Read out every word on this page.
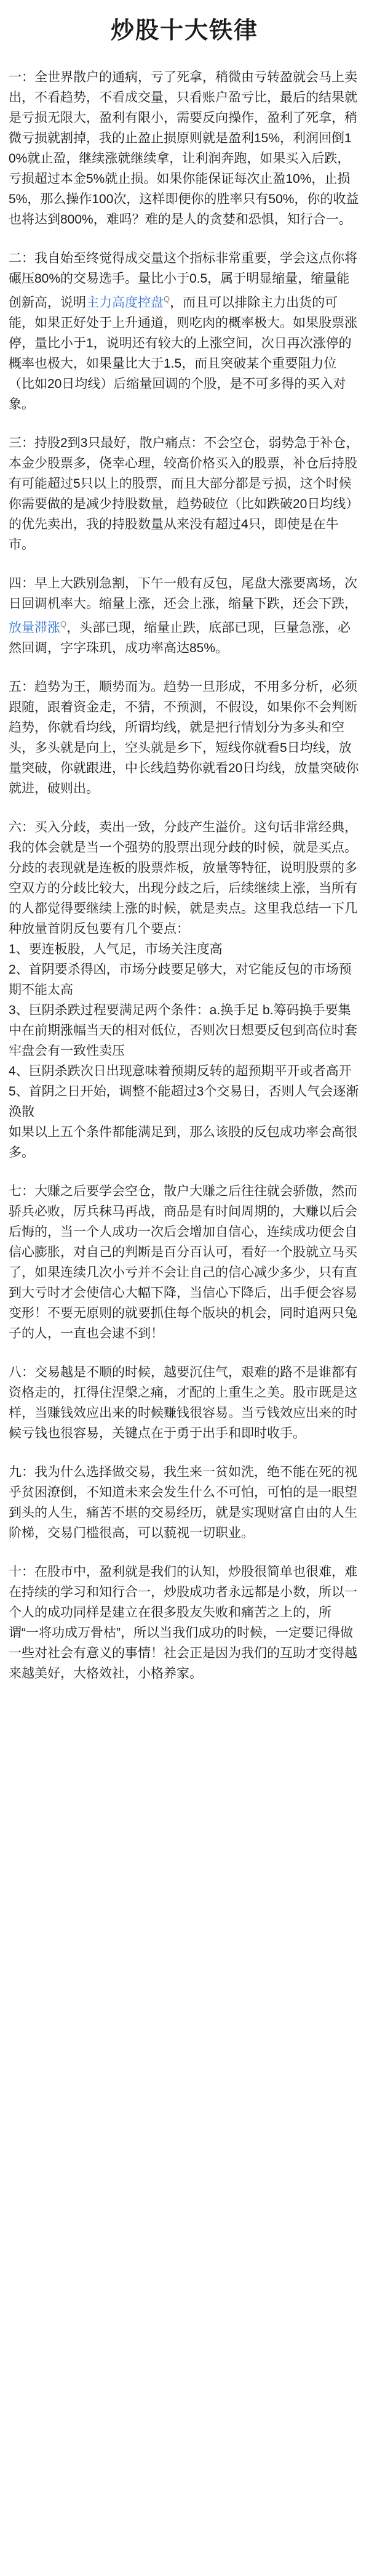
炒股十大铁律

一：全世界散户的通病，亏了死拿，稍微由亏转盈就会马上卖出，不看趋势，不看成交量，只看账户盈亏比，最后的结果就是亏损无限大，盈利有限小，需要反向操作，盈利了死拿，稍微亏损就割掉，我的止盈止损原则就是盈利15%，利润回倒10%就止盈，继续涨就继续拿，让利润奔跑，如果买入后跌，亏损超过本金5%就止损。如果你能保证每次止盈10%，止损5%，那么操作100次，这样即便你的胜率只有50%，你的收益也将达到800%，难吗？难的是人的贪婪和恐惧，知行合一。

二：我自始至终觉得成交量这个指标非常重要，学会这点你将碾压80%的交易选手。量比小于0.5，属于明显缩量，缩量能创新高，说明主力高度控盘$^Q$，而且可以排除主力出货的可能，如果正好处于上升通道，则吃肉的概率极大。如果股票涨停，量比小于1，说明还有较大的上涨空间，次日再次涨停的概率也极大，如果量比大于1.5，而且突破某个重要阻力位（比如20日均线）后缩量回调的个股，是不可多得的买入对象。

三：持股2到3只最好，散户痛点：不会空仓，弱势急于补仓，本金少股票多，侥幸心理，较高价格买入的股票，补仓后持股有可能超过5只以上的股票，而且大部分都是亏损，这个时候你需要做的是减少持股数量，趋势破位（比如跌破20日均线）的优先卖出，我的持股数量从来没有超过4只，即使是在牛市。

四：早上大跌别急割，下午一般有反包，尾盘大涨要离场，次日回调机率大。缩量上涨，还会上涨，缩量下跌，还会下跌，放量滞涨$^Q$，头部已现，缩量止跌，底部已现，巨量急涨，必然回调，字字珠玑，成功率高达85%。

五：趋势为王，顺势而为。趋势一旦形成，不用多分析，必须跟随，跟着资金走，不猜，不预测，不假设，如果你不会判断趋势，你就看均线，所谓均线，就是把行情划分为多头和空头，多头就是向上，空头就是乡下，短线你就看5日均线，放量突破，你就跟进，中长线趋势你就看20日均线，放量突破你就进，破则出。

六：买入分歧，卖出一致，分歧产生溢价。这句话非常经典，我的体会就是当一个强势的股票出现分歧的时候，就是买点。分歧的表现就是连板的股票炸板，放量等特征，说明股票的多空双方的分歧比较大，出现分歧之后，后续继续上涨，当所有的人都觉得要继续上涨的时候，就是卖点。这里我总结一下几种放量首阴反包要有几个要点：
1、要连板股，人气足，市场关注度高
2、首阴要杀得凶，市场分歧要足够大，对它能反包的市场预期不能太高
3、巨阴杀跌过程要满足两个条件：a.换手足 b.筹码换手要集中在前期涨幅当天的相对低位，否则次日想要反包到高位时套牢盘会有一致性卖压
4、巨阴杀跌次日出现意味着预期反转的超预期平开或者高开
5、首阴之日开始，调整不能超过3个交易日，否则人气会逐渐涣散
如果以上五个条件都能满足到，那么该股的反包成功率会高很多。

七：大赚之后要学会空仓，散户大赚之后往往就会骄傲，然而骄兵必败，厉兵秣马再战，商品是有时间周期的，大赚以后会后悔的，当一个人成功一次后会增加自信心，连续成功便会自信心膨胀，对自己的判断是百分百认可，看好一个股就立马买了，如果连续几次小亏并不会让自己的信心减少多少，只有直到大亏时才会使信心大幅下降，当信心下降后，出手便会容易变形！不要无原则的就要抓住每个版块的机会，同时追两只兔子的人，一直也会逮不到！

八：交易越是不顺的时候，越要沉住气，艰难的路不是谁都有资格走的，扛得住涅槃之痛，才配的上重生之美。股市既是这样，当赚钱效应出来的时候赚钱很容易。当亏钱效应出来的时候亏钱也很容易，关键点在于勇于出手和即时收手。

九：我为什么选择做交易，我生来一贫如洗，绝不能在死的视乎贫困潦倒，不知道未来会发生什么不可怕，可怕的是一眼望到头的人生，痛苦不堪的交易经历，就是实现财富自由的人生阶梯，交易门槛很高，可以藐视一切职业。

十：在股市中，盈利就是我们的认知，炒股很简单也很难，难在持续的学习和知行合一，炒股成功者永远都是小数，所以一个人的成功同样是建立在很多股友失败和痛苦之上的，所谓“一将功成万骨枯”，所以当我们成功的时候，一定要记得做一些对社会有意义的事情！社会正是因为我们的互助才变得越来越美好，大格效社，小格养家。
